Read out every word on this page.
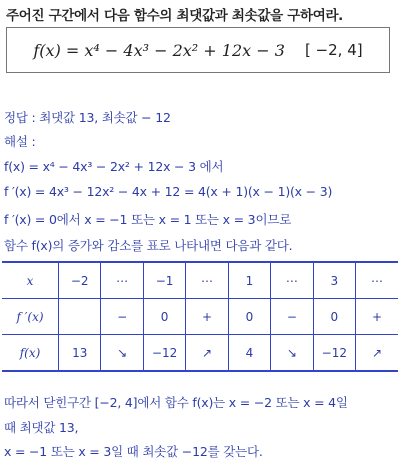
주어진 구간에서 다음 함수의 최댓값과 최솟값을 구하여라.
f(x) = x⁴ − 4x³ − 2x² + 12x − 3 [ −2, 4]
정답 : 최댓값 13, 최솟값 − 12
해설 :
f(x) = x⁴ − 4x³ − 2x² + 12x − 3 에서
f ′(x) = 4x³ − 12x² − 4x + 12 = 4(x + 1)(x − 1)(x − 3)
f ′(x) = 0에서 x = −1 또는 x = 1 또는 x = 3이므로
함수 f(x)의 증가와 감소를 표로 나타내면 다음과 같다.
x	−2	⋯	−1	⋯	1	⋯	3	⋯
f ′(x)		−	0	+	0	−	0	+
f(x)	13	↘	−12	↗	4	↘	−12	↗
따라서 닫힌구간 [−2, 4]에서 함수 f(x)는 x = −2 또는 x = 4일
때 최댓값 13,
x = −1 또는 x = 3일 때 최솟값 −12를 갖는다.
